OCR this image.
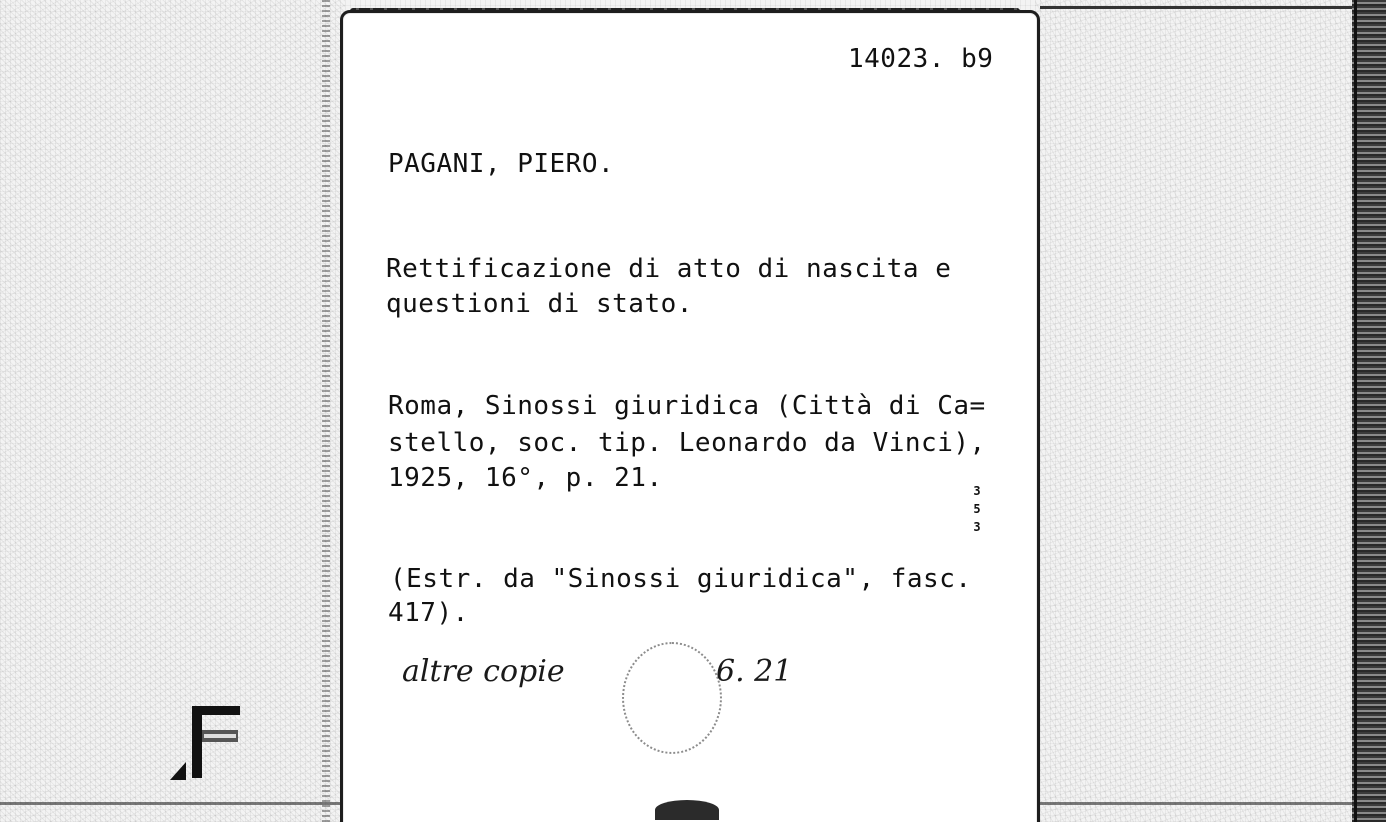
14023. b9
PAGANI, PIERO.
Rettificazione di atto di nascita e
questioni di stato.
Roma, Sinossi giuridica (Città di Ca=
stello, soc. tip. Leonardo da Vinci),
1925, 16°, p. 21.
(Estr. da "Sinossi giuridica", fasc.
417).
3 5 3
altre copie	6. 21
